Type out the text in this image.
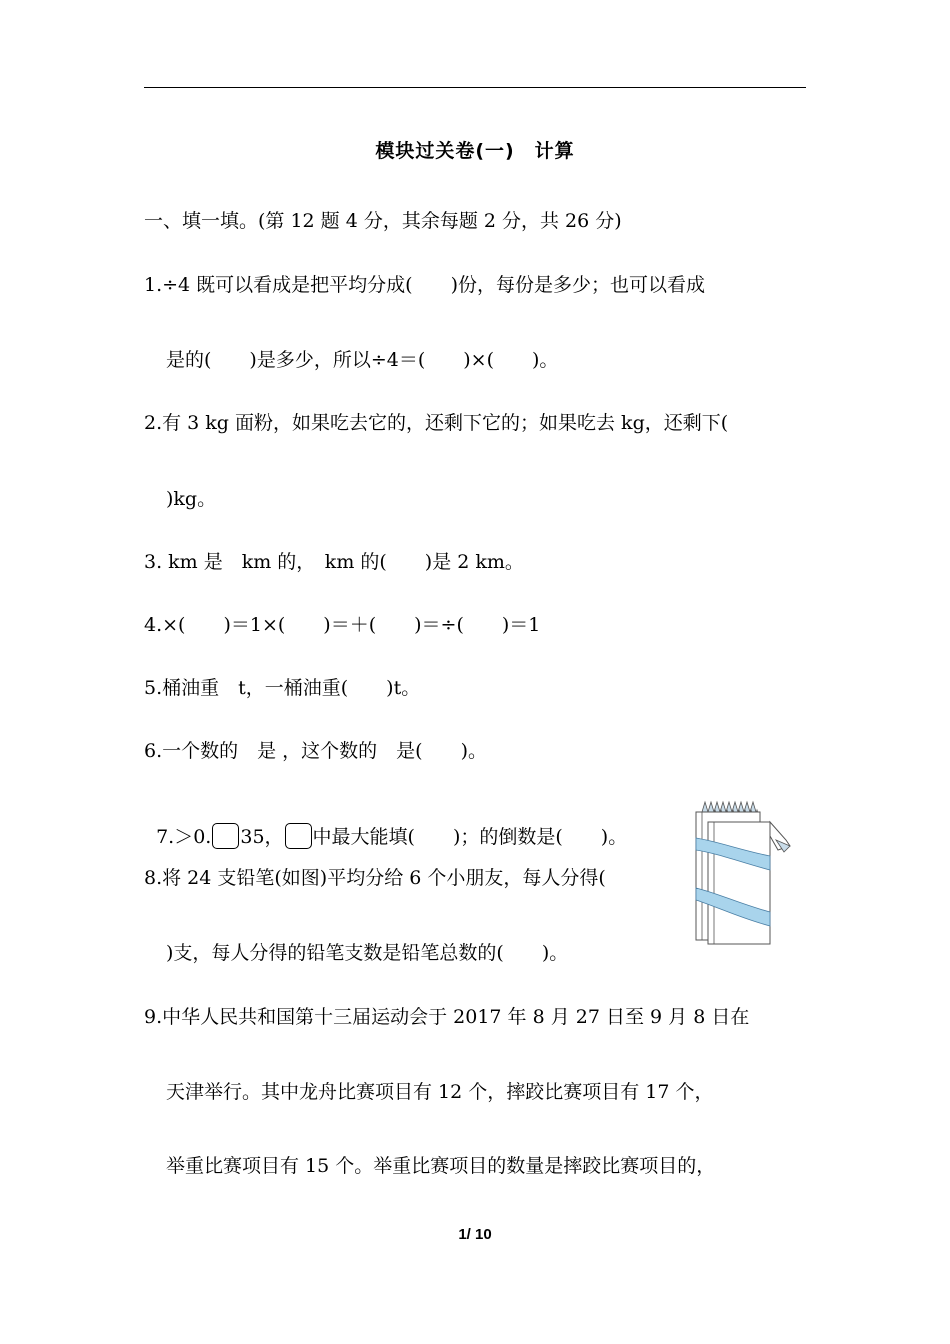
模块过关卷(一)　计算
一、填一填。(第 12 题 4 分，其余每题 2 分，共 26 分)
1.÷4 既可以看成是把平均分成(　　)份，每份是多少；也可以看成
是的(　　)是多少，所以÷4＝(　　)×(　　)。
2.有 3 kg 面粉，如果吃去它的，还剩下它的；如果吃去 kg，还剩下(
)kg。
3. km 是　km 的，　km 的(　　)是 2 km。
4.×(　　)＝1×(　　)＝＋(　　)＝÷(　　)＝1
5.桶油重　t，一桶油重(　　)t。
6.一个数的　是 ，这个数的　是(　　)。

7.＞0. 35， 中最大能填(　　)；的倒数是(　　)。

8.将 24 支铅笔(如图)平均分给 6 个小朋友，每人分得(
)支，每人分得的铅笔支数是铅笔总数的(　　)。
9.中华人民共和国第十三届运动会于 2017 年 8 月 27 日至 9 月 8 日在
天津举行。其中龙舟比赛项目有 12 个，摔跤比赛项目有 17 个，
举重比赛项目有 15 个。举重比赛项目的数量是摔跤比赛项目的，
1/ 10
